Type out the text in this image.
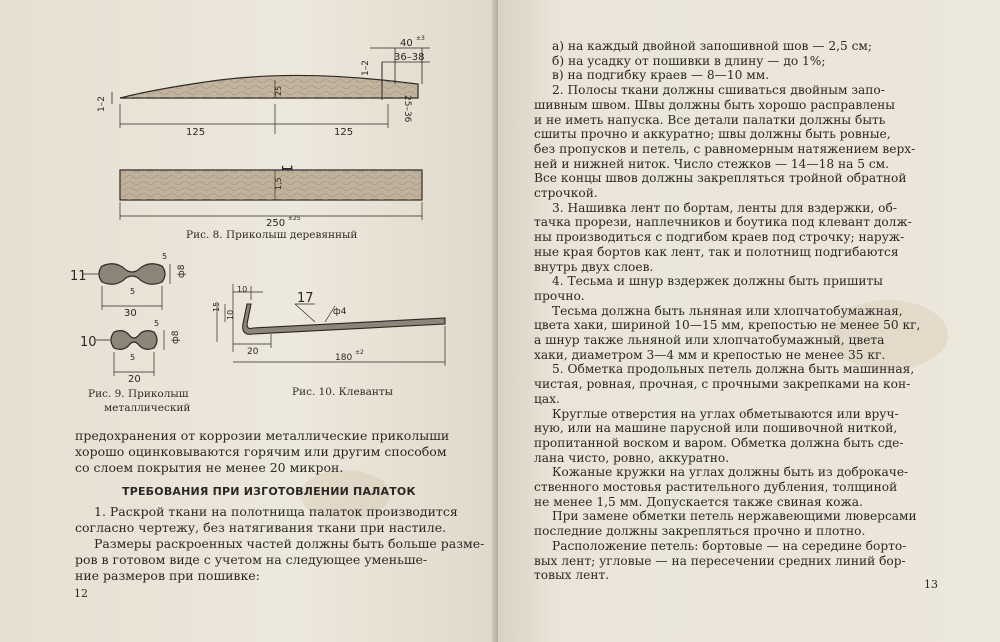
40 ±3
36–38
1–2
25–36
1–2
25
125	125
1,5
250 ±25
Рис. 8. Приколыш деревянный
11
5
5
ф8
30
10
5
5
ф8
20
Рис. 9. Приколыш
металлический
17
ф4
10
10
15
20
180
±2
Рис. 10. Клеванты
предохранения от коррозии металлические приколыши
хорошо оцинковываются горячим или другим способом
со слоем покрытия не менее 20 микрон.
ТРЕБОВАНИЯ ПРИ ИЗГОТОВЛЕНИИ ПАЛАТОК
1. Раскрой ткани на полотнища палаток производится
согласно чертежу, без натягивания ткани при настиле.
Размеры раскроенных частей должны быть больше разме-
ров в готовом виде с учетом на следующее уменьше-
ние размеров при пошивке:
12
а) на каждый двойной запошивной шов — 2,5 см;
б) на усадку от пошивки в длину — до 1%;
в) на подгибку краев — 8—10 мм.
2. Полосы ткани должны сшиваться двойным запо-
шивным швом. Швы должны быть хорошо расправлены
и не иметь напуска. Все детали палатки должны быть
сшиты прочно и аккуратно; швы должны быть ровные,
без пропусков и петель, с равномерным натяжением верх-
ней и нижней ниток. Число стежков — 14—18 на 5 см.
Все концы швов должны закрепляться тройной обратной
строчкой.
3. Нашивка лент по бортам, ленты для вздержки, об-
тачка прорези, наплечников и боутика под клевант долж-
ны производиться с подгибом краев под строчку; наруж-
ные края бортов как лент, так и полотнищ подгибаются
внутрь двух слоев.
4. Тесьма и шнур вздержек должны быть пришиты
прочно.
Тесьма должна быть льняная или хлопчатобумажная,
цвета хаки, шириной 10—15 мм, крепостью не менее 50 кг,
а шнур также льняной или хлопчатобумажный, цвета
хаки, диаметром 3—4 мм и крепостью не менее 35 кг.
5. Обметка продольных петель должна быть машинная,
чистая, ровная, прочная, с прочными закрепками на кон-
цах.
Круглые отверстия на углах обметываются или вруч-
ную, или на машине парусной или пошивочной ниткой,
пропитанной воском и варом. Обметка должна быть сде-
лана чисто, ровно, аккуратно.
Кожаные кружки на углах должны быть из доброкаче-
ственного мостовья растительного дубления, толщиной
не менее 1,5 мм. Допускается также свиная кожа.
При замене обметки петель нержавеющими люверсами
последние должны закрепляться прочно и плотно.
Расположение петель: бортовые — на середине борто-
вых лент; угловые — на пересечении средних линий бор-
товых лент.
13
